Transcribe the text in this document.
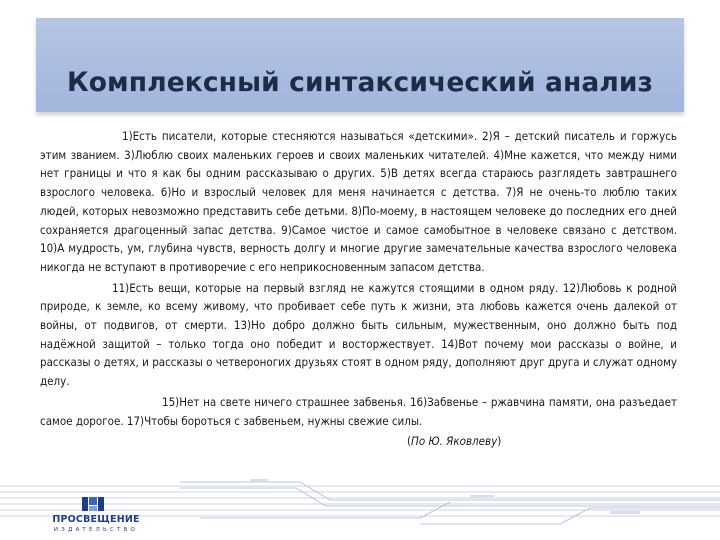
Комплексный синтаксический анализ

1)Есть писатели, которые стесняются называться «детскими». 2)Я – детский писатель и горжусь этим званием. 3)Люблю своих маленьких героев и своих маленьких читателей. 4)Мне кажется, что между ними нет границы и что я как бы одним рассказываю о других. 5)В детях всегда стараюсь разглядеть завтрашнего взрослого человека. 6)Но и взрослый человек для меня начинается с детства. 7)Я не очень-то люблю таких людей, которых невозможно представить себе детьми. 8)По-моему, в настоящем человеке до последних его дней сохраняется драгоценный запас детства. 9)Самое чистое и самое самобытное в человеке связано с детством. 10)А мудрость, ум, глубина чувств, верность долгу и многие другие замечательные качества взрослого человека никогда не вступают в противоречие с его неприкосновенным запасом детства.

11)Есть вещи, которые на первый взгляд не кажутся стоящими в одном ряду. 12)Любовь к родной природе, к земле, ко всему живому, что пробивает себе путь к жизни, эта любовь кажется очень далекой от войны, от подвигов, от смерти. 13)Но добро должно быть сильным, мужественным, оно должно быть под надёжной защитой – только тогда оно победит и восторжествует. 14)Вот почему мои рассказы о войне, и рассказы о детях, и рассказы о четвероногих друзьях стоят в одном ряду, дополняют друг друга и служат одному делу.

15)Нет на свете ничего страшнее забвенья. 16)Забвенье – ржавчина памяти, она разъедает самое дорогое. 17)Чтобы бороться с забвеньем, нужны свежие силы.

(По Ю. Яковлеву)

ПРОСВЕЩЕНИЕ
ИЗДАТЕЛЬСТВО
